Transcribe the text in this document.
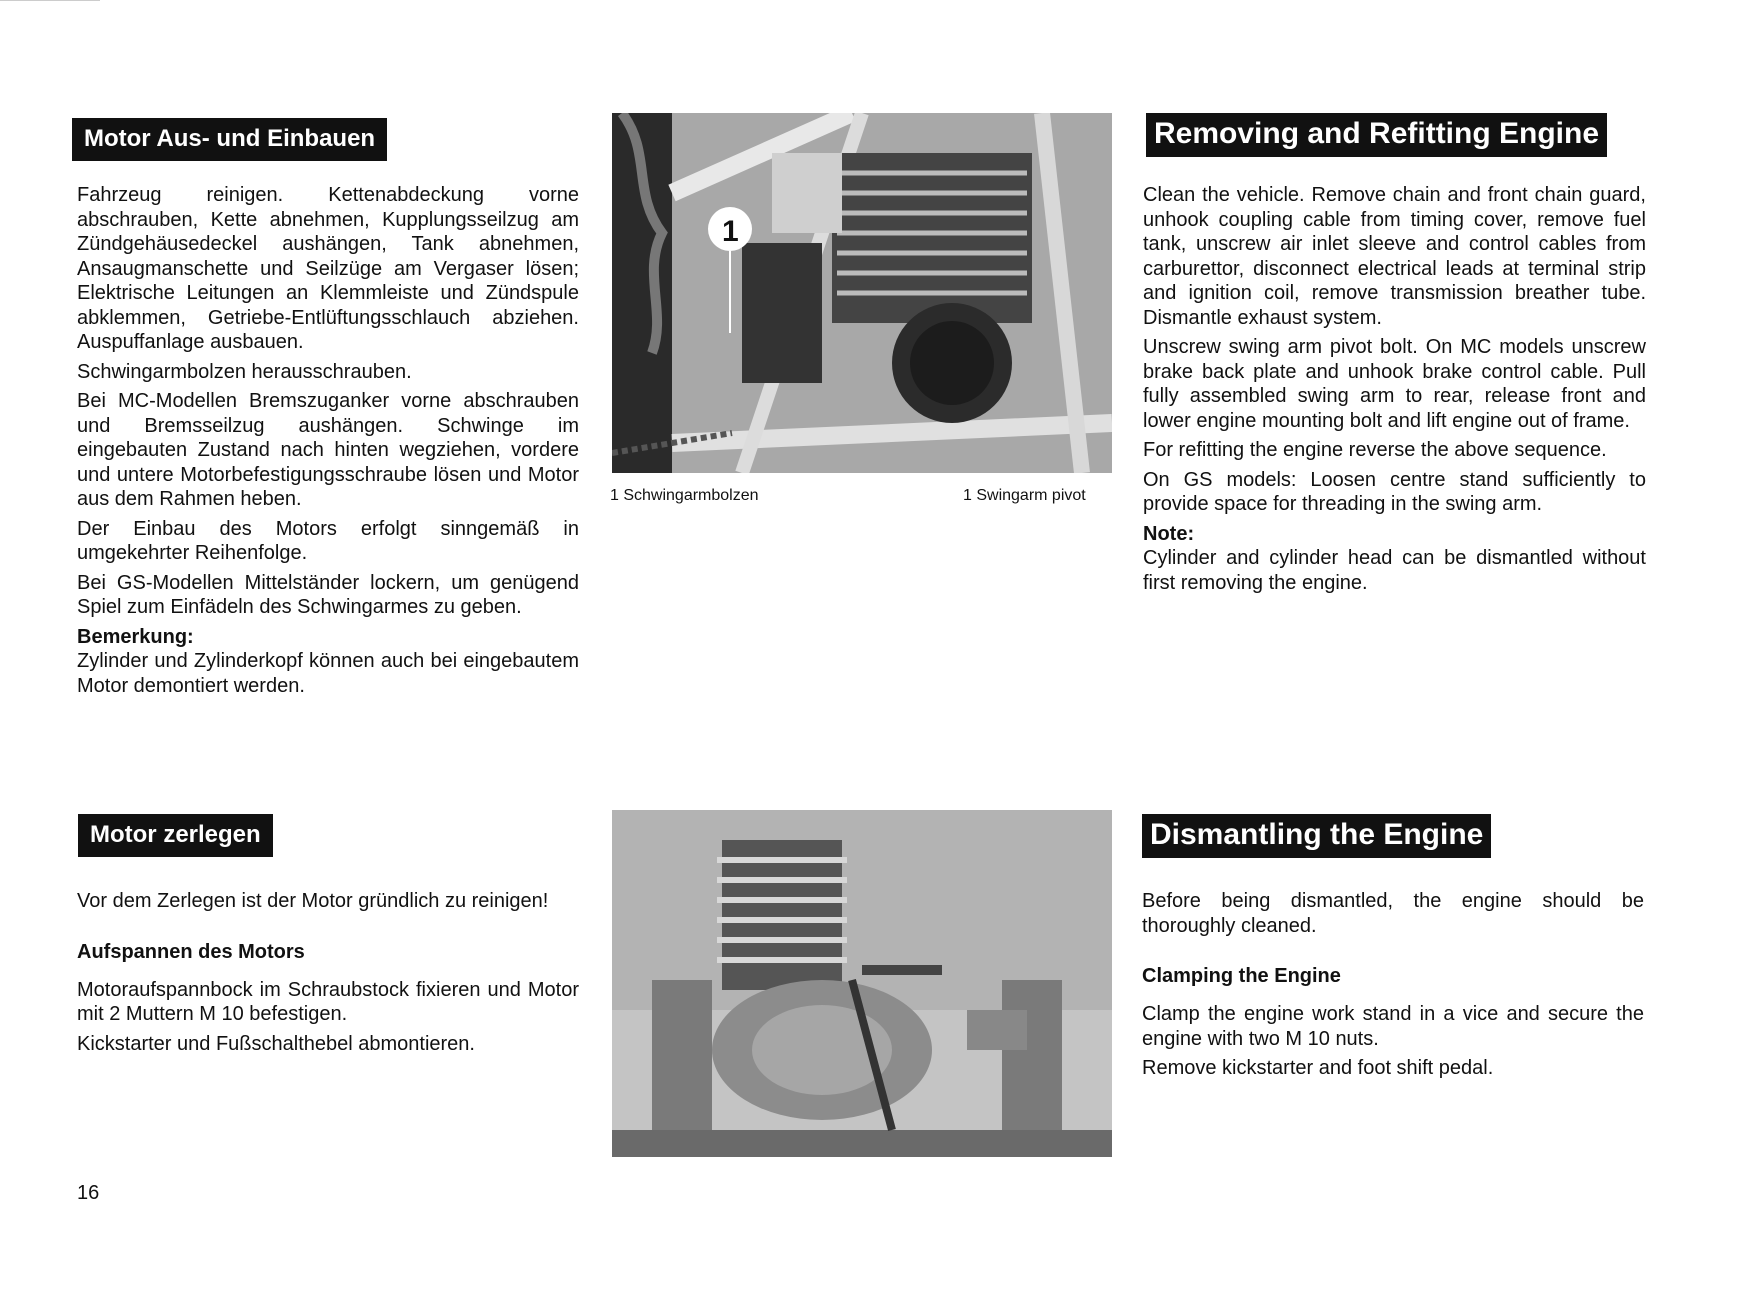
Motor Aus- und Einbauen

Fahrzeug reinigen. Kettenabdeckung vorne abschrauben, Kette abnehmen, Kupplungsseilzug am Zündgehäusedeckel aushängen, Tank abnehmen, Ansaugmanschette und Seilzüge am Vergaser lösen; Elektrische Leitungen an Klemmleiste und Zündspule abklemmen, Getriebe-Entlüftungsschlauch abziehen. Auspuffanlage ausbauen.

Schwingarmbolzen herausschrauben.

Bei MC-Modellen Bremszuganker vorne abschrauben und Bremsseilzug aushängen. Schwinge im eingebauten Zustand nach hinten wegziehen, vordere und untere Motorbefestigungsschraube lösen und Motor aus dem Rahmen heben.

Der Einbau des Motors erfolgt sinngemäß in umgekehrter Reihenfolge.

Bei GS-Modellen Mittelständer lockern, um genügend Spiel zum Einfädeln des Schwingarmes zu geben.

Bemerkung:

Zylinder und Zylinderkopf können auch bei eingebautem Motor demontiert werden.

1
1 Schwingarmbolzen	1 Swingarm pivot
Removing and Refitting Engine

Clean the vehicle. Remove chain and front chain guard, unhook coupling cable from timing cover, remove fuel tank, unscrew air inlet sleeve and control cables from carburettor, disconnect electrical leads at terminal strip and ignition coil, remove transmission breather tube. Dismantle exhaust system.

Unscrew swing arm pivot bolt. On MC models unscrew brake back plate and unhook brake control cable. Pull fully assembled swing arm to rear, release front and lower engine mounting bolt and lift engine out of frame.

For refitting the engine reverse the above sequence.

On GS models: Loosen centre stand sufficiently to provide space for threading in the swing arm.

Note:

Cylinder and cylinder head can be dismantled without first removing the engine.

Motor zerlegen

Vor dem Zerlegen ist der Motor gründlich zu reinigen!

Aufspannen des Motors

Motoraufspannbock im Schraubstock fixieren und Motor mit 2 Muttern M 10 befestigen.

Kickstarter und Fußschalthebel abmontieren.

Dismantling the Engine

Before being dismantled, the engine should be thoroughly cleaned.

Clamping the Engine

Clamp the engine work stand in a vice and secure the engine with two M 10 nuts.

Remove kickstarter and foot shift pedal.

16
